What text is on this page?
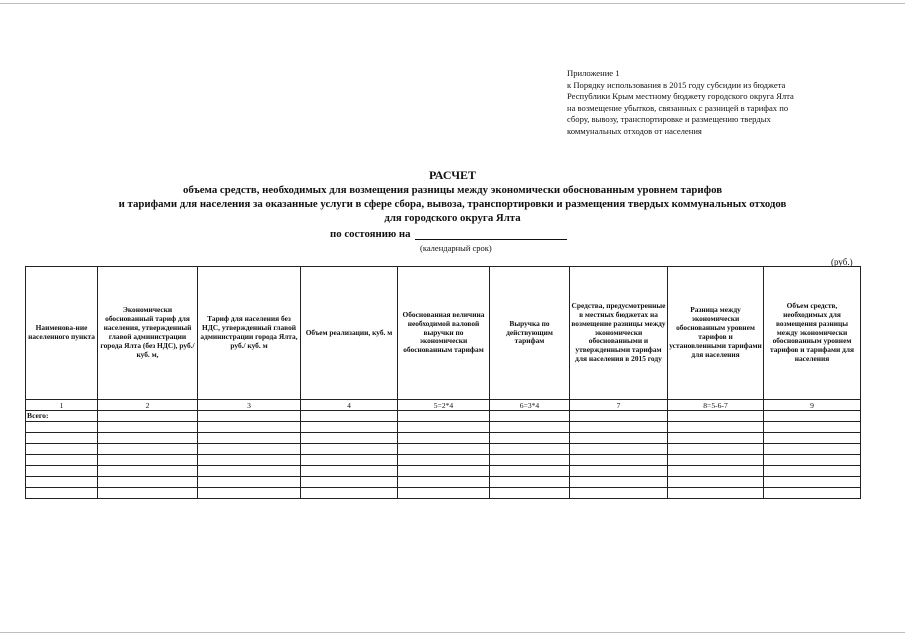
Приложение 1
к Порядку использования в 2015 году субсидии из бюджета
Республики Крым местному бюджету городского округа Ялта
на возмещение убытков, связанных с разницей в тарифах по
сбору, вывозу, транспортировке и размещению твердых
коммунальных отходов от населения
РАСЧЕТ
объема средств, необходимых для возмещения разницы между экономически обоснованным уровнем тарифов
и тарифами для населения за оказанные услуги в сфере сбора, вывоза, транспортировки и размещения твердых коммунальных отходов
для городского округа Ялта
по состоянию на
(календарный срок)
(руб.)
Наименова-ние населенного пункта	Экономически обоснованный тариф для населения, утвержденный главой администрации города Ялта (без НДС), руб./ куб. м,	Тариф для населения без НДС, утвержденный главой администрации города Ялта, руб./ куб. м	Объем реализации, куб. м	Обоснованная величина необходимой валовой выручки по экономически обоснованным тарифам	Выручка по действующим тарифам	Средства, предусмотренные в местных бюджетах на возмещение разницы между экономически обоснованными и утвержденными тарифам для населения в 2015 году	Разница между экономически обоснованным уровнем тарифов и установленными тарифами для населения	Объем средств, необходимых для возмещения разницы между экономически обоснованным уровнем тарифов и тарифами для населения
1	2	3	4	5=2*4	6=3*4	7	8=5-6-7	9
Всего:								
